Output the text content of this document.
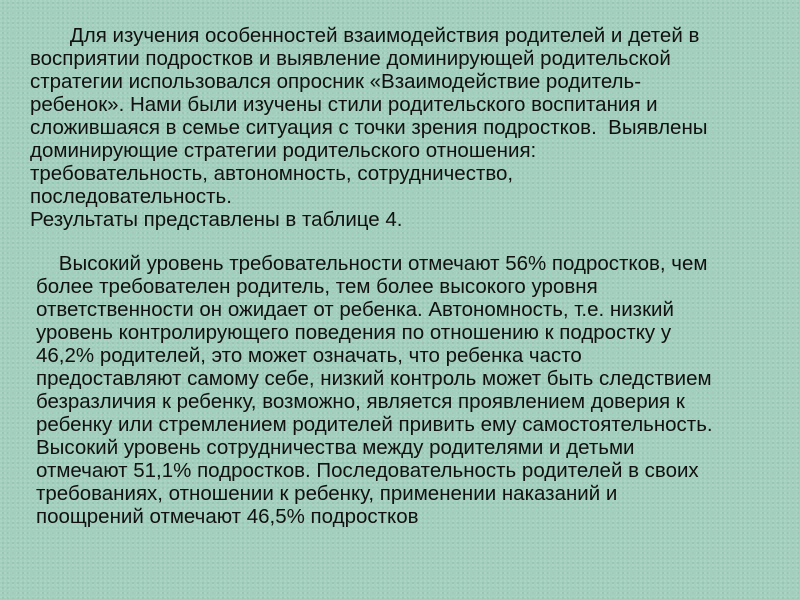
Для изучения особенностей взаимодействия родителей и детей в
восприятии подростков и выявление доминирующей родительской
стратегии использовался опросник «Взаимодействие родитель-
ребенок». Нами были изучены стили родительского воспитания и
сложившаяся в семье ситуация с точки зрения подростков.  Выявлены
доминирующие стратегии родительского отношения:
требовательность, автономность, сотрудничество,
последовательность.
Результаты представлены в таблице 4.

Высокий уровень требовательности отмечают 56% подростков, чем
более требователен родитель, тем более высокого уровня
ответственности он ожидает от ребенка. Автономность, т.е. низкий
уровень контролирующего поведения по отношению к подростку у
46,2% родителей, это может означать, что ребенка часто
предоставляют самому себе, низкий контроль может быть следствием
безразличия к ребенку, возможно, является проявлением доверия к
ребенку или стремлением родителей привить ему самостоятельность.
Высокий уровень сотрудничества между родителями и детьми
отмечают 51,1% подростков. Последовательность родителей в своих
требованиях, отношении к ребенку, применении наказаний и
поощрений отмечают 46,5% подростков
